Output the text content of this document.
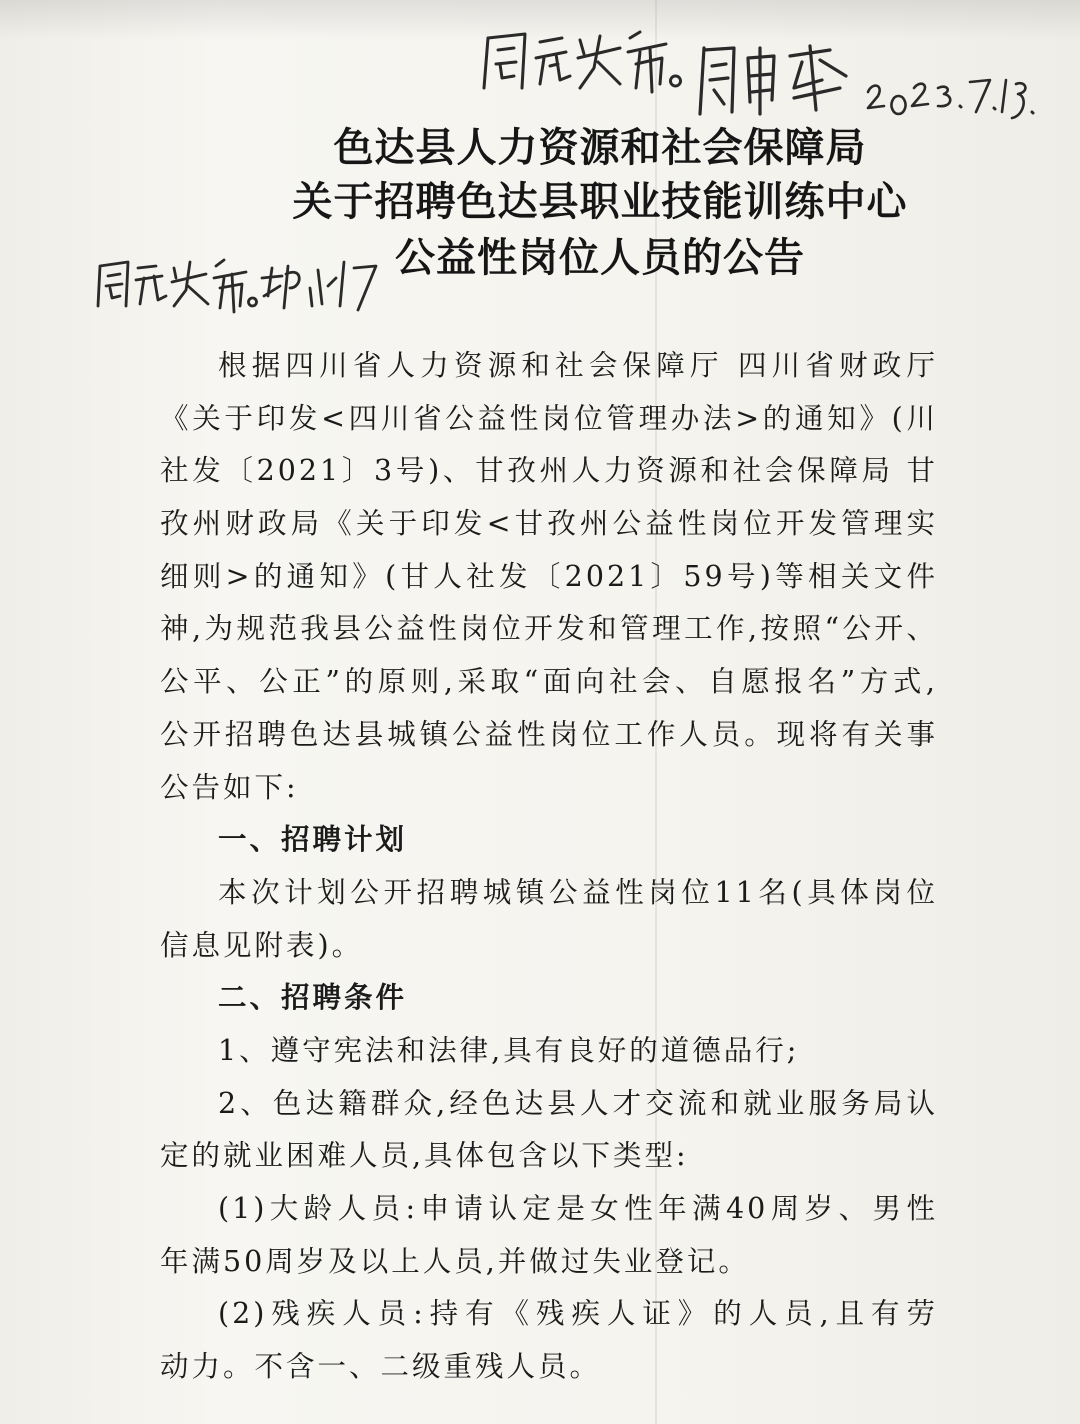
色达县人力资源和社会保障局
关于招聘色达县职业技能训练中心
公益性岗位人员的公告
根据四川省人力资源和社会保障厅 四川省财政厅
《关于印发<四川省公益性岗位管理办法>的通知》(川
社发〔2021〕3号)、甘孜州人力资源和社会保障局 甘
孜州财政局《关于印发<甘孜州公益性岗位开发管理实
细则>的通知》(甘人社发〔2021〕59号)等相关文件
神,为规范我县公益性岗位开发和管理工作,按照“公开、
公平、公正”的原则,采取“面向社会、自愿报名”方式,
公开招聘色达县城镇公益性岗位工作人员。现将有关事
公告如下:
一、招聘计划
本次计划公开招聘城镇公益性岗位11名(具体岗位
信息见附表)。
二、招聘条件
1、遵守宪法和法律,具有良好的道德品行;
2、色达籍群众,经色达县人才交流和就业服务局认
定的就业困难人员,具体包含以下类型:
(1)大龄人员:申请认定是女性年满40周岁、男性
年满50周岁及以上人员,并做过失业登记。
(2)残疾人员:持有《残疾人证》的人员,且有劳
动力。不含一、二级重残人员。
